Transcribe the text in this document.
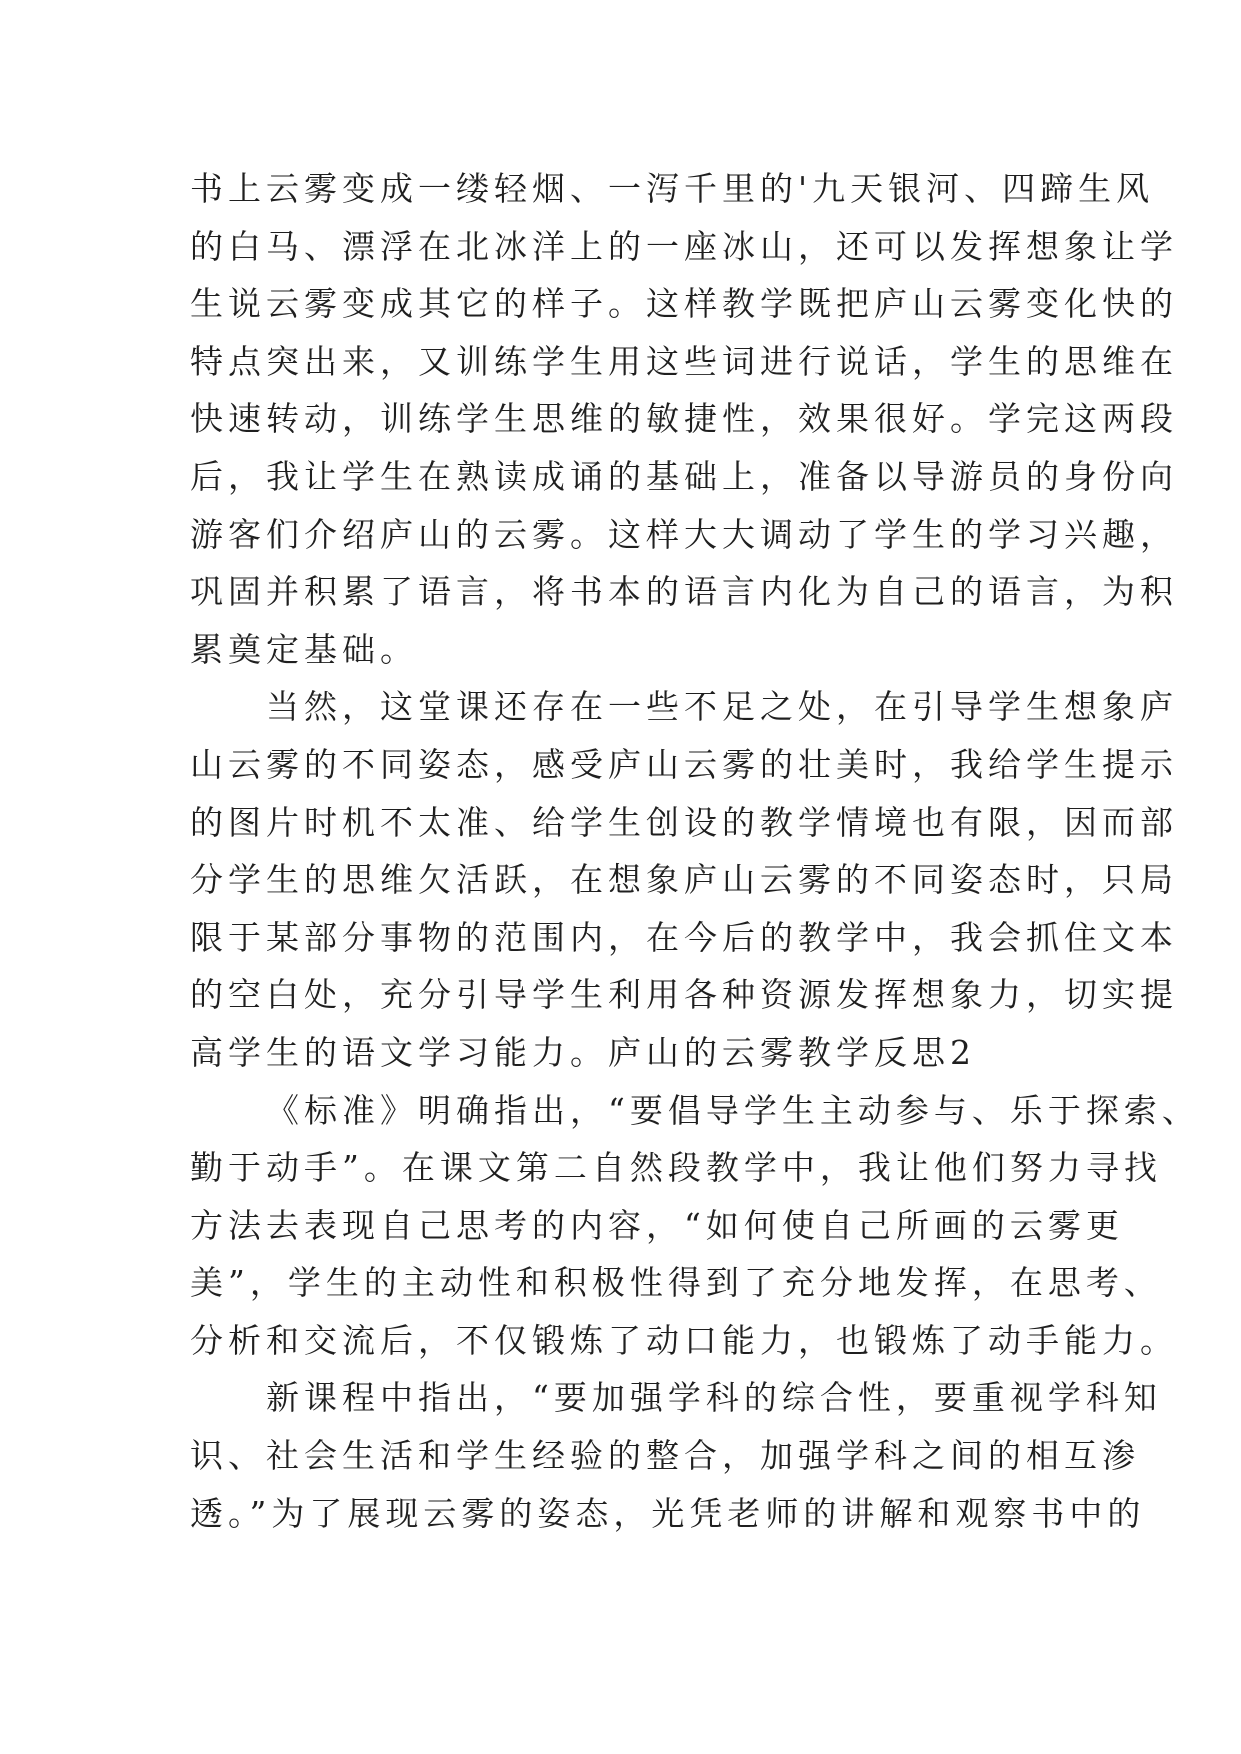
书上云雾变成一缕轻烟、一泻千里的'九天银河、四蹄生风
的白马、漂浮在北冰洋上的一座冰山，还可以发挥想象让学
生说云雾变成其它的样子。这样教学既把庐山云雾变化快的
特点突出来，又训练学生用这些词进行说话，学生的思维在
快速转动，训练学生思维的敏捷性，效果很好。学完这两段
后，我让学生在熟读成诵的基础上，准备以导游员的身份向
游客们介绍庐山的云雾。这样大大调动了学生的学习兴趣，
巩固并积累了语言，将书本的语言内化为自己的语言，为积
累奠定基础。
当然，这堂课还存在一些不足之处，在引导学生想象庐
山云雾的不同姿态，感受庐山云雾的壮美时，我给学生提示
的图片时机不太准、给学生创设的教学情境也有限，因而部
分学生的思维欠活跃，在想象庐山云雾的不同姿态时，只局
限于某部分事物的范围内，在今后的教学中，我会抓住文本
的空白处，充分引导学生利用各种资源发挥想象力，切实提
高学生的语文学习能力。庐山的云雾教学反思2
《标准》明确指出，“要倡导学生主动参与、乐于探索、
勤于动手”。在课文第二自然段教学中，我让他们努力寻找
方法去表现自己思考的内容，“如何使自己所画的云雾更
美”，学生的主动性和积极性得到了充分地发挥，在思考、
分析和交流后，不仅锻炼了动口能力，也锻炼了动手能力。
新课程中指出，“要加强学科的综合性，要重视学科知
识、社会生活和学生经验的整合，加强学科之间的相互渗
透。”为了展现云雾的姿态，光凭老师的讲解和观察书中的
